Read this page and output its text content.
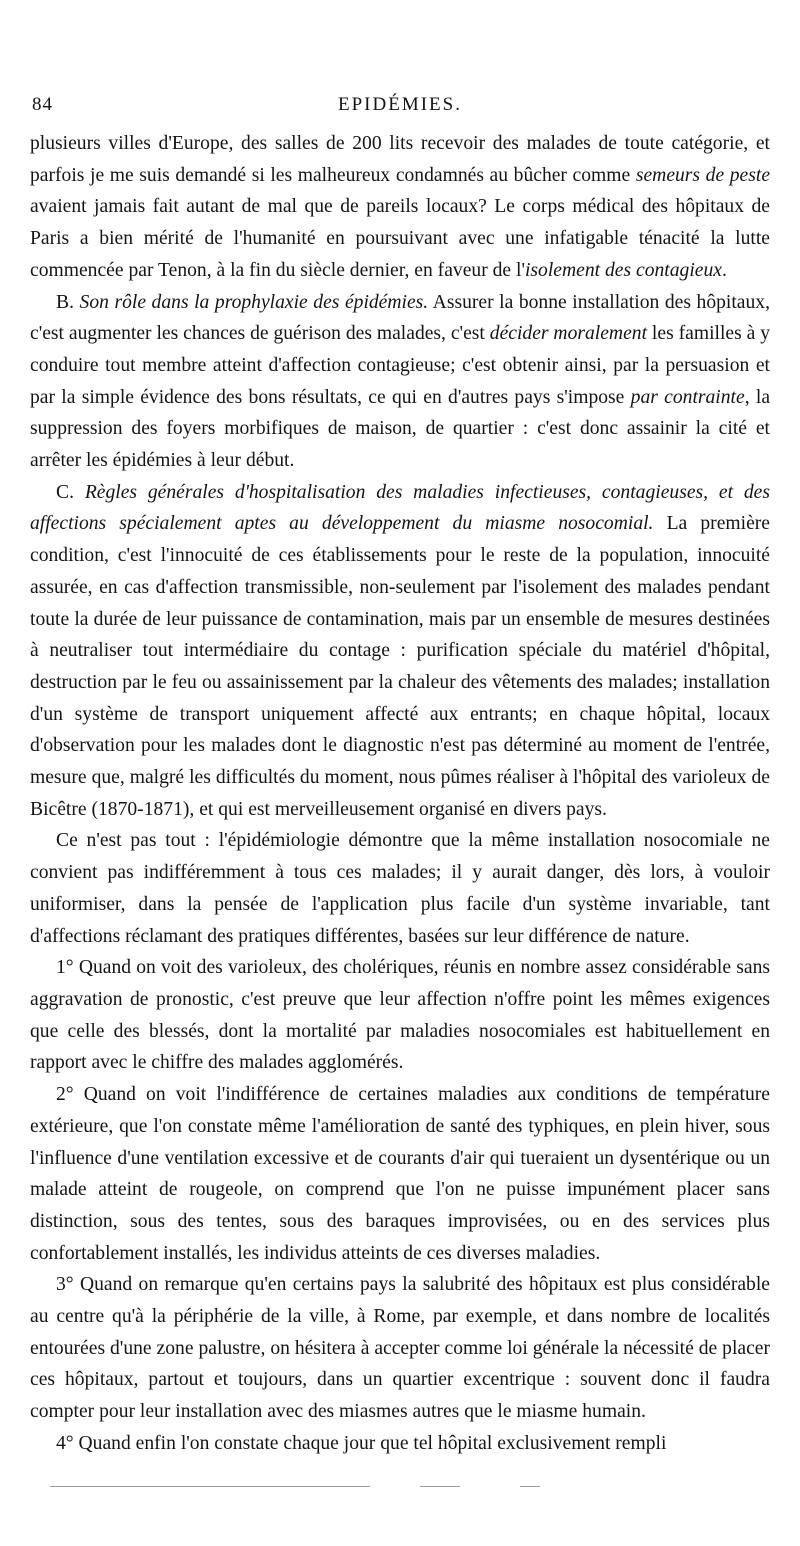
84	EPIDÉMIES.

plusieurs villes d'Europe, des salles de 200 lits recevoir des malades de toute catégorie, et parfois je me suis demandé si les malheureux condamnés au bûcher comme semeurs de peste avaient jamais fait autant de mal que de pareils locaux? Le corps médical des hôpitaux de Paris a bien mérité de l'humanité en poursuivant avec une infatigable ténacité la lutte commencée par Tenon, à la fin du siècle dernier, en faveur de l'isolement des contagieux.

B. Son rôle dans la prophylaxie des épidémies. Assurer la bonne installation des hôpitaux, c'est augmenter les chances de guérison des malades, c'est décider moralement les familles à y conduire tout membre atteint d'affection contagieuse; c'est obtenir ainsi, par la persuasion et par la simple évidence des bons résultats, ce qui en d'autres pays s'impose par contrainte, la suppression des foyers morbifiques de maison, de quartier : c'est donc assainir la cité et arrêter les épidémies à leur début.

C. Règles générales d'hospitalisation des maladies infectieuses, contagieuses, et des affections spécialement aptes au développement du miasme nosocomial. La première condition, c'est l'innocuité de ces établissements pour le reste de la population, innocuité assurée, en cas d'affection transmissible, non-seulement par l'isolement des malades pendant toute la durée de leur puissance de contamination, mais par un ensemble de mesures destinées à neutraliser tout intermédiaire du contage : purification spéciale du matériel d'hôpital, destruction par le feu ou assainissement par la chaleur des vêtements des malades; installation d'un système de transport uniquement affecté aux entrants; en chaque hôpital, locaux d'observation pour les malades dont le diagnostic n'est pas déterminé au moment de l'entrée, mesure que, malgré les difficultés du moment, nous pûmes réaliser à l'hôpital des varioleux de Bicêtre (1870-1871), et qui est merveilleusement organisé en divers pays.

Ce n'est pas tout : l'épidémiologie démontre que la même installation nosocomiale ne convient pas indifféremment à tous ces malades; il y aurait danger, dès lors, à vouloir uniformiser, dans la pensée de l'application plus facile d'un système invariable, tant d'affections réclamant des pratiques différentes, basées sur leur différence de nature.

1° Quand on voit des varioleux, des cholériques, réunis en nombre assez considérable sans aggravation de pronostic, c'est preuve que leur affection n'offre point les mêmes exigences que celle des blessés, dont la mortalité par maladies nosocomiales est habituellement en rapport avec le chiffre des malades agglomérés.

2° Quand on voit l'indifférence de certaines maladies aux conditions de température extérieure, que l'on constate même l'amélioration de santé des typhiques, en plein hiver, sous l'influence d'une ventilation excessive et de courants d'air qui tueraient un dysentérique ou un malade atteint de rougeole, on comprend que l'on ne puisse impunément placer sans distinction, sous des tentes, sous des baraques improvisées, ou en des services plus confortablement installés, les individus atteints de ces diverses maladies.

3° Quand on remarque qu'en certains pays la salubrité des hôpitaux est plus considérable au centre qu'à la périphérie de la ville, à Rome, par exemple, et dans nombre de localités entourées d'une zone palustre, on hésitera à accepter comme loi générale la nécessité de placer ces hôpitaux, partout et toujours, dans un quartier excentrique : souvent donc il faudra compter pour leur installation avec des miasmes autres que le miasme humain.

4° Quand enfin l'on constate chaque jour que tel hôpital exclusivement rempli
